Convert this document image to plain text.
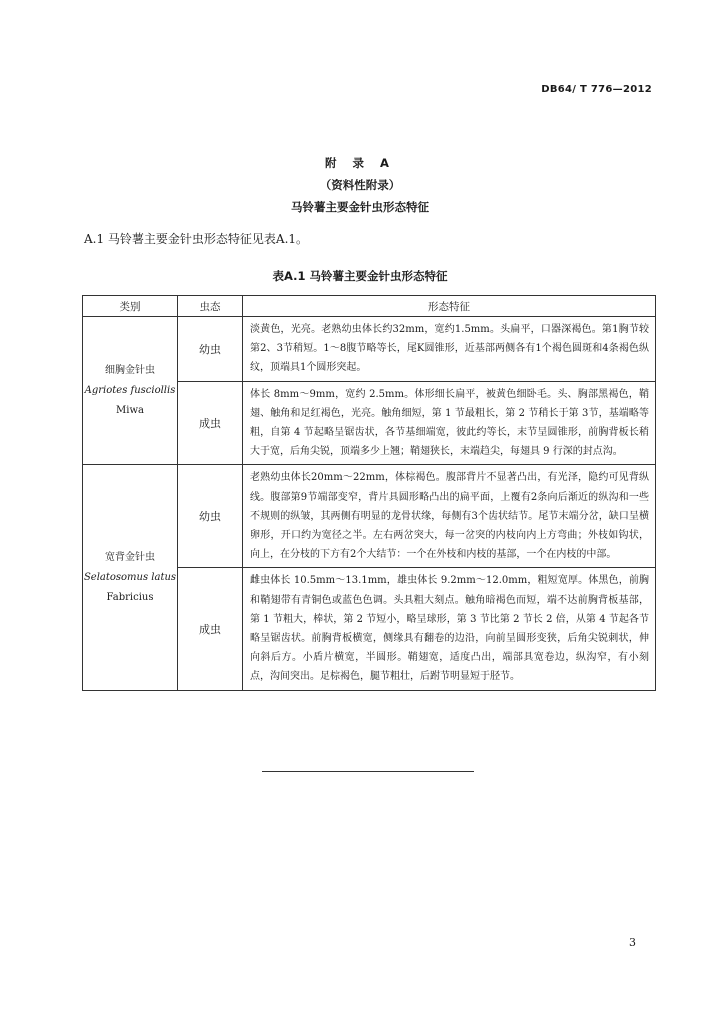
DB64/ T 776—2012
附 录 A
（资料性附录）
马铃薯主要金针虫形态特征
A.1 马铃薯主要金针虫形态特征见表A.1。
表A.1 马铃薯主要金针虫形态特征
类别	虫态	形态特征

细胸金针虫
Agriotes fusciollis
Miwa	幼虫	淡黄色，光亮。老熟幼虫体长约32mm，宽约1.5mm。头扁平，口器深褐色。第1胸节较第2、3节稍短。1～8腹节略等长，尾K圆锥形，近基部两侧各有1个褐色圆斑和4条褐色纵纹，顶端具1个圆形突起。
	成虫	体长 8mm～9mm，宽约 2.5mm。体形细长扁平，被黄色细卧毛。头、胸部黑褐色，鞘翅、触角和足红褐色，光亮。触角细短，第 1 节最粗长，第 2 节稍长于第 3节，基端略等粗，自第 4 节起略呈锯齿状，各节基细端宽，彼此约等长，末节呈圆锥形，前胸背板长稍大于宽，后角尖锐，顶端多少上翘；鞘翅狭长，末端趋尖，每翅具 9 行深的封点沟。

宽背金针虫
Selatosomus latus
Fabricius	幼虫	老熟幼虫体长20mm～22mm，体棕褐色。腹部背片不显著凸出，有光泽，隐约可见背纵线。腹部第9节端部变窄，背片具圆形略凸出的扁平面，上覆有2条向后渐近的纵沟和一些不规则的纵皱，其两侧有明显的龙骨状缘，每侧有3个齿状结节。尾节末端分岔，缺口呈横卵形，开口约为宽径之半。左右两岔突大，每一岔突的内枝向内上方弯曲；外枝如钩状，向上，在分枝的下方有2个大结节：一个在外枝和内枝的基部，一个在内枝的中部。
	成虫	雌虫体长 10.5mm～13.1mm，雄虫体长 9.2mm～12.0mm，粗短宽厚。体黑色，前胸和鞘翅带有青铜色或蓝色色调。头具粗大刻点。触角暗褐色而短，端不达前胸背板基部，第 1 节粗大，棒状，第 2 节短小，略呈球形，第 3 节比第 2 节长 2 倍，从第 4 节起各节略呈锯齿状。前胸背板横宽，侧缘具有翻卷的边沿，向前呈圆形变狭，后角尖锐刺状，伸向斜后方。小盾片横宽，半圆形。鞘翅宽，适度凸出，端部具宽卷边，纵沟窄，有小刻点，沟间突出。足棕褐色，腿节粗壮，后跗节明显短于胫节。
3
